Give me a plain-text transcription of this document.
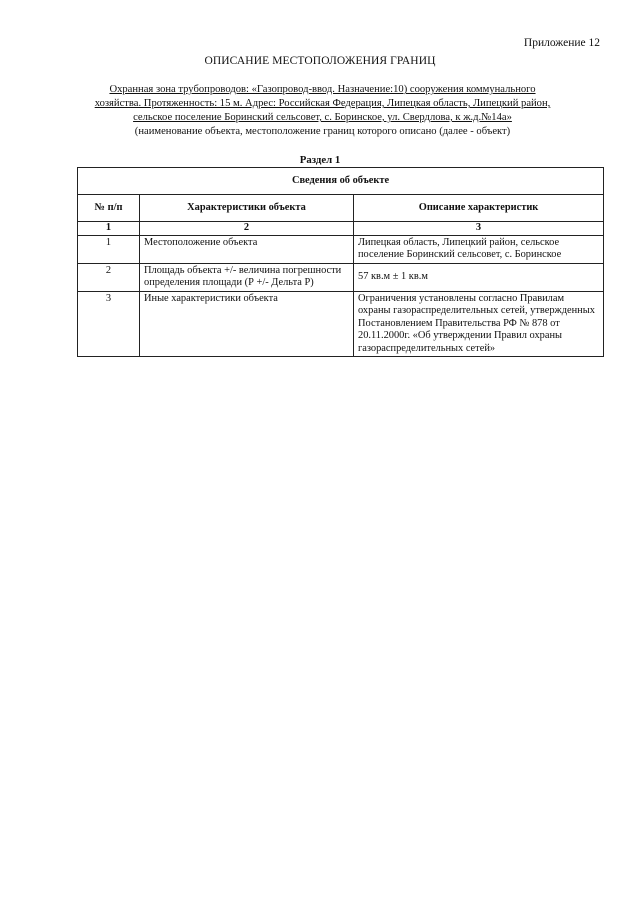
Приложение 12
ОПИСАНИЕ МЕСТОПОЛОЖЕНИЯ ГРАНИЦ
Охранная зона трубопроводов: «Газопровод-ввод. Назначение:10) сооружения коммунального
хозяйства. Протяженность: 15 м. Адрес: Российская Федерация, Липецкая область, Липецкий район,
сельское поселение Боринский сельсовет, с. Боринское, ул. Свердлова, к ж.д.№14а»
(наименование объекта, местоположение границ которого описано (далее - объект)
Раздел 1
Сведения об объекте		
№ п/п	Характеристики объекта	Описание характеристик
1	2	3
1	Местоположение объекта	Липецкая область, Липецкий район, сельское поселение Боринский сельсовет, с. Боринское
2	Площадь объекта +/- величина погрешности определения площади (Р +/- Дельта Р)	57 кв.м ± 1 кв.м

3	Иные характеристики объекта	Ограничения установлены согласно Правилам охраны газораспределительных сетей, утвержденных Постановлением Правительства РФ № 878 от 20.11.2000г. «Об утверждении Правил охраны газораспределительных сетей»
